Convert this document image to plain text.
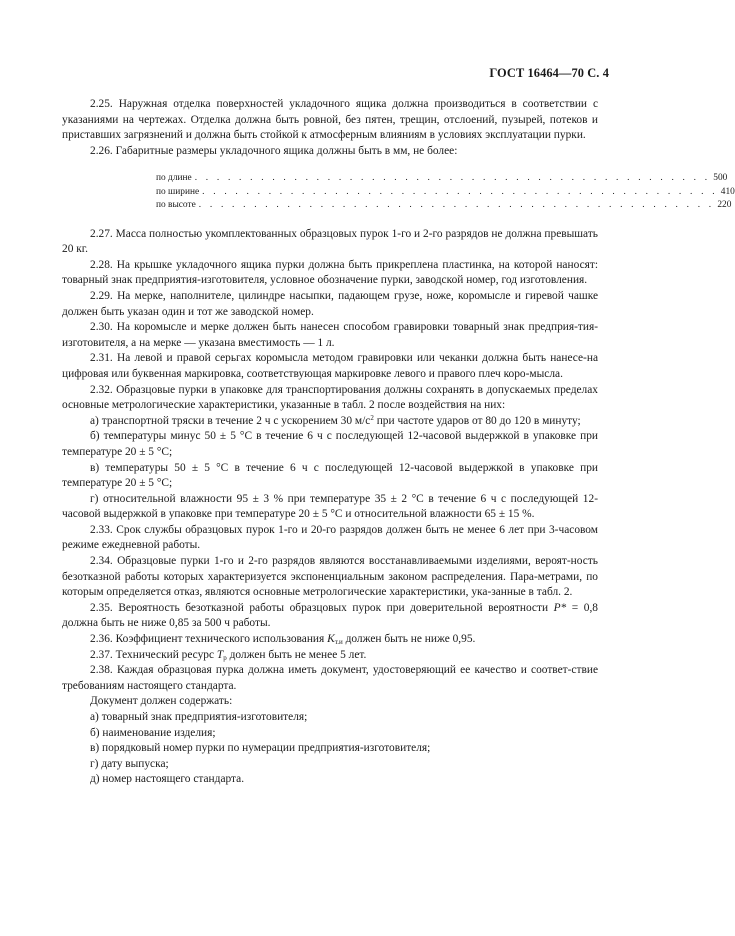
ГОСТ 16464—70 С. 4

2.25. Наружная отделка поверхностей укладочного ящика должна производиться в соответствии с указаниями на чертежах. Отделка должна быть ровной, без пятен, трещин, отслоений, пузырей, потеков и приставших загрязнений и должна быть стойкой к атмосферным влияниям в условиях эксплуатации пурки.

2.26. Габаритные размеры укладочного ящика должны быть в мм, не более:

по длине . . . . . . . . . . . . . . . . . . . . . . . . . . . . . . . . . . . . . . . . . . . . . . . 500
по ширине . . . . . . . . . . . . . . . . . . . . . . . . . . . . . . . . . . . . . . . . . . . . . . . 410
по высоте . . . . . . . . . . . . . . . . . . . . . . . . . . . . . . . . . . . . . . . . . . . . . . . 220

2.27. Масса полностью укомплектованных образцовых пурок 1-го и 2-го разрядов не должна превышать 20 кг.

2.28. На крышке укладочного ящика пурки должна быть прикреплена пластинка, на которой наносят: товарный знак предприятия-изготовителя, условное обозначение пурки, заводской номер, год изготовления.

2.29. На мерке, наполнителе, цилиндре насыпки, падающем грузе, ноже, коромысле и гиревой чашке должен быть указан один и тот же заводской номер.

2.30. На коромысле и мерке должен быть нанесен способом гравировки товарный знак предприя-тия-изготовителя, а на мерке — указана вместимость — 1 л.

2.31. На левой и правой серьгах коромысла методом гравировки или чеканки должна быть нанесе-на цифровая или буквенная маркировка, соответствующая маркировке левого и правого плеч коро-мысла.

2.32. Образцовые пурки в упаковке для транспортирования должны сохранять в допускаемых пределах основные метрологические характеристики, указанные в табл. 2 после воздействия на них:

а) транспортной тряски в течение 2 ч с ускорением 30 $м/с^2$ при частоте ударов от 80 до 120 в минуту;

б) температуры минус 50 ± 5 °С в течение 6 ч с последующей 12-часовой выдержкой в упаковке при температуре 20 ± 5 °С;

в) температуры 50 ± 5 °С в течение 6 ч с последующей 12-часовой выдержкой в упаковке при температуре 20 ± 5 °С;

г) относительной влажности 95 ± 3 % при температуре 35 ± 2 °С в течение 6 ч с последующей 12-часовой выдержкой в упаковке при температуре 20 ± 5 °С и относительной влажности 65 ± 15 %.

2.33. Срок службы образцовых пурок 1-го и 20-го разрядов должен быть не менее 6 лет при 3-часовом режиме ежедневной работы.

2.34. Образцовые пурки 1-го и 2-го разрядов являются восстанавливаемыми изделиями, вероят-ность безотказной работы которых характеризуется экспоненциальным законом распределения. Пара-метрами, по которым определяется отказ, являются основные метрологические характеристики, ука-занные в табл. 2.

2.35. Вероятность безотказной работы образцовых пурок при доверительной вероятности Р* = 0,8 должна быть не ниже 0,85 за 500 ч работы.

2.36. Коэффициент технического использования $К_{т.и}$ должен быть не ниже 0,95.

2.37. Технический ресурс $Т_р$ должен быть не менее 5 лет.

2.38. Каждая образцовая пурка должна иметь документ, удостоверяющий ее качество и соответ-ствие требованиям настоящего стандарта.

Документ должен содержать:

а) товарный знак предприятия-изготовителя;
б) наименование изделия;
в) порядковый номер пурки по нумерации предприятия-изготовителя;
г) дату выпуска;
д) номер настоящего стандарта.
